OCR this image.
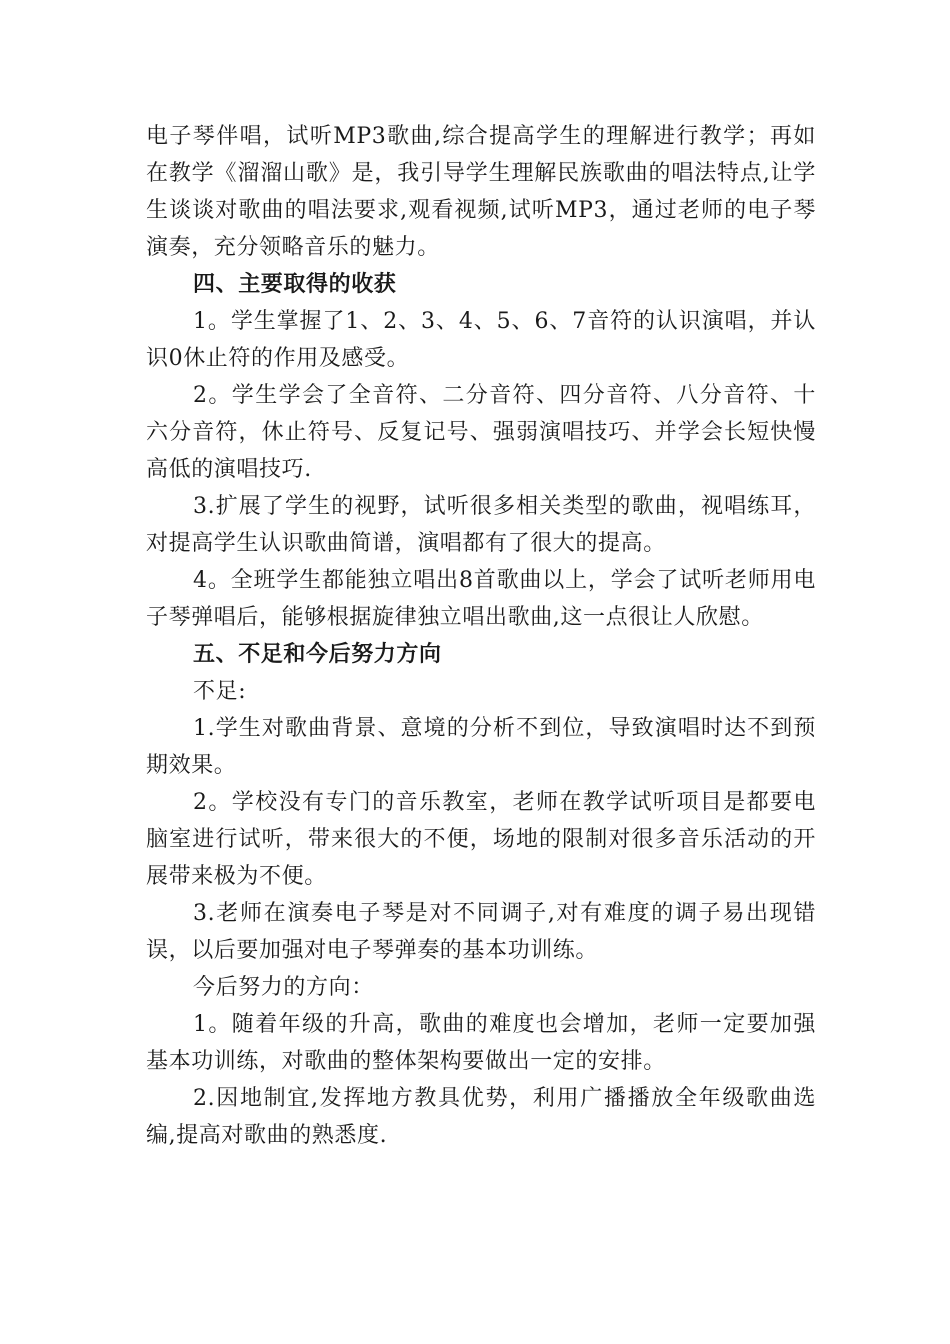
电子琴伴唱，试听MP3歌曲,综合提高学生的理解进行教学；再如在教学《溜溜山歌》是，我引导学生理解民族歌曲的唱法特点,让学生谈谈对歌曲的唱法要求,观看视频,试听MP3，通过老师的电子琴演奏，充分领略音乐的魅力。

四、主要取得的收获

1。学生掌握了1、2、3、4、5、6、7音符的认识演唱，并认识0休止符的作用及感受。

2。学生学会了全音符、二分音符、四分音符、八分音符、十六分音符，休止符号、反复记号、强弱演唱技巧、并学会长短快慢高低的演唱技巧.

3.扩展了学生的视野，试听很多相关类型的歌曲，视唱练耳，对提高学生认识歌曲简谱，演唱都有了很大的提高。

4。全班学生都能独立唱出8首歌曲以上，学会了试听老师用电子琴弹唱后，能够根据旋律独立唱出歌曲,这一点很让人欣慰。

五、不足和今后努力方向

不足:

1.学生对歌曲背景、意境的分析不到位，导致演唱时达不到预期效果。

2。学校没有专门的音乐教室，老师在教学试听项目是都要电脑室进行试听，带来很大的不便，场地的限制对很多音乐活动的开展带来极为不便。

3.老师在演奏电子琴是对不同调子,对有难度的调子易出现错误，以后要加强对电子琴弹奏的基本功训练。

今后努力的方向：

1。随着年级的升高，歌曲的难度也会增加，老师一定要加强基本功训练，对歌曲的整体架构要做出一定的安排。

2.因地制宜,发挥地方教具优势，利用广播播放全年级歌曲选编,提高对歌曲的熟悉度.
